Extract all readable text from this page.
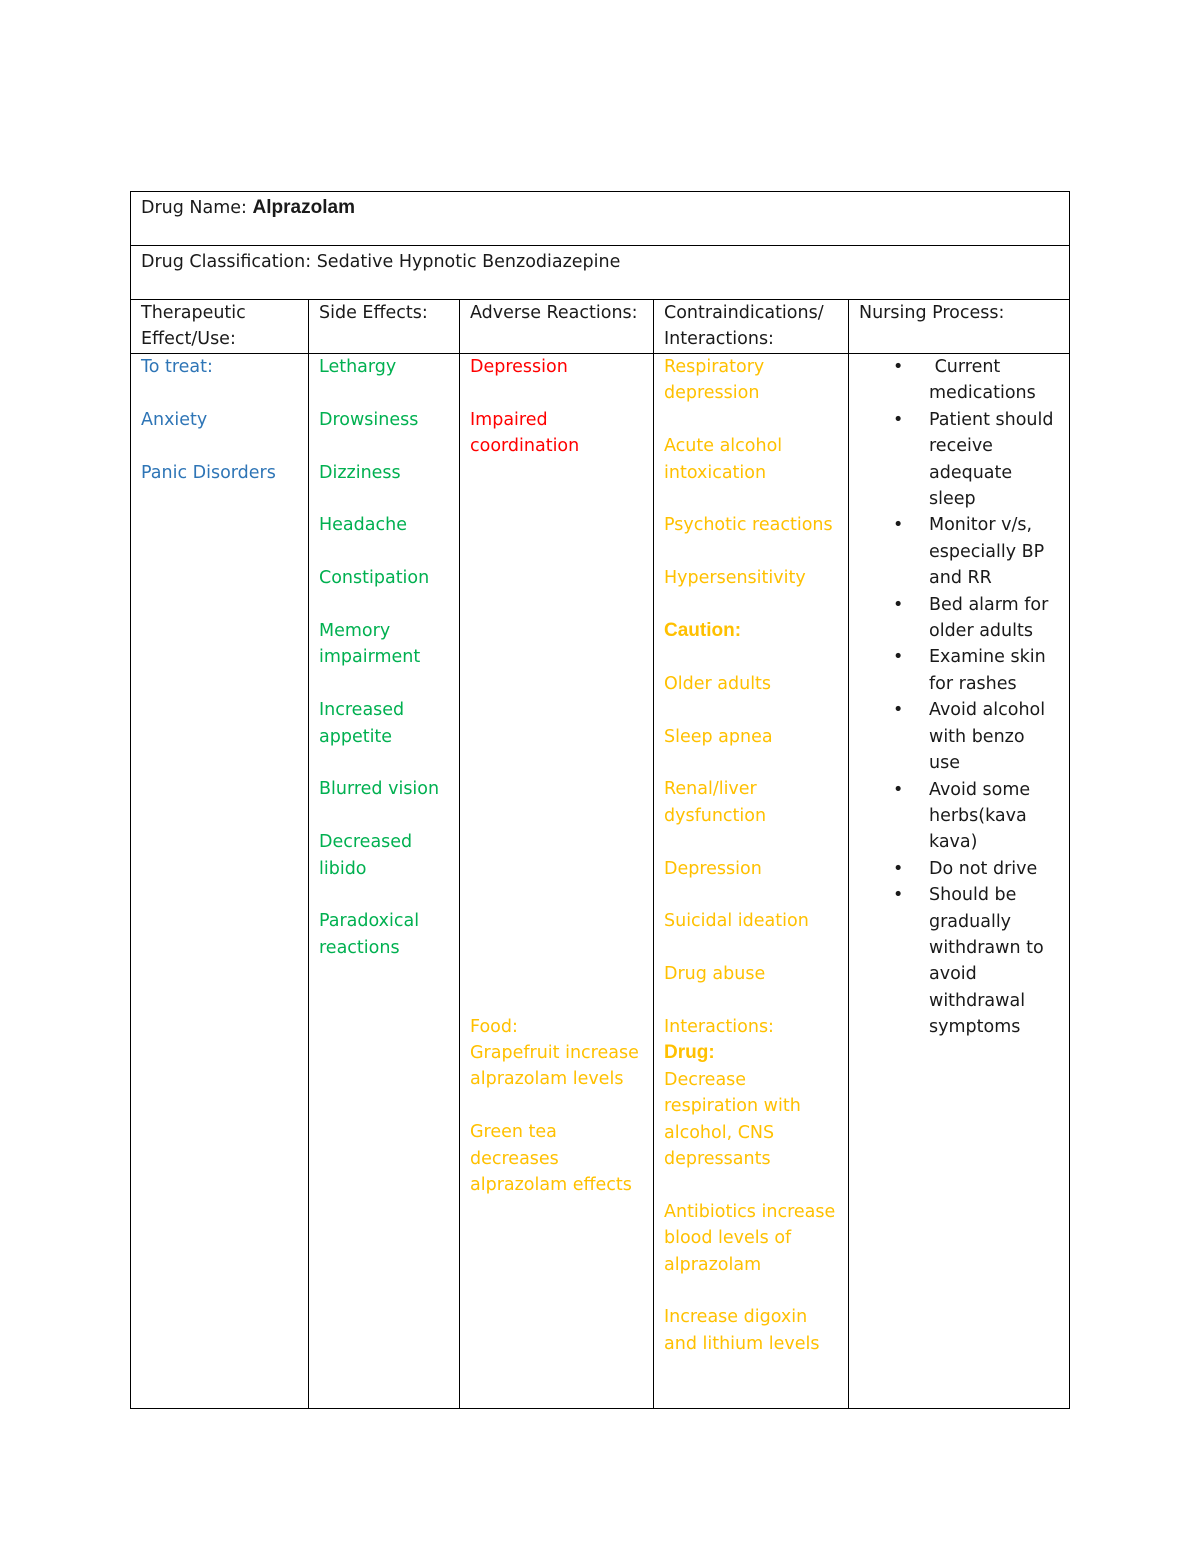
Drug Name: Alprazolam
Drug Classification: Sedative Hypnotic Benzodiazepine
Therapeutic
Effect/Use:
To treat:
Anxiety
Panic Disorders
Side Effects:
Lethargy
Drowsiness
Dizziness
Headache
Constipation
Memory
impairment
Increased
appetite
Blurred vision
Decreased
libido
Paradoxical
reactions
Adverse Reactions:
Depression
Impaired
coordination
Food:
Grapefruit increase
alprazolam levels
Green tea
decreases
alprazolam effects
Contraindications/
Interactions:
Respiratory
depression
Acute alcohol
intoxication
Psychotic reactions
Hypersensitivity
Caution:
Older adults
Sleep apnea
Renal/liver
dysfunction
Depression
Suicidal ideation
Drug abuse
Interactions:
Drug:
Decrease
respiration with
alcohol, CNS
depressants
Antibiotics increase
blood levels of
alprazolam
Increase digoxin
and lithium levels
Nursing Process:
• Current
medications
• Patient should
receive
adequate
sleep
• Monitor v/s,
especially BP
and RR
• Bed alarm for
older adults
• Examine skin
for rashes
• Avoid alcohol
with benzo
use
• Avoid some
herbs(kava
kava)
• Do not drive
• Should be
gradually
withdrawn to
avoid
withdrawal
symptoms
